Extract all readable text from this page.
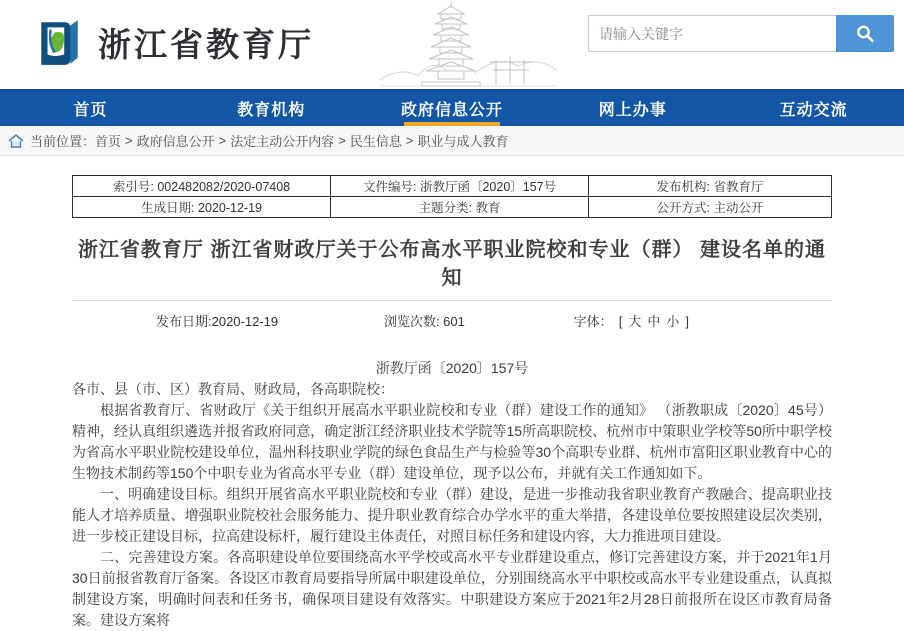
浙江省教育厅
请输入关键字
首页	教育机构	政府信息公开	网上办事	互动交流
当前位置： 首页 > 政府信息公开 > 法定主动公开内容 > 民生信息 > 职业与成人教育
索引号: 002482082/2020-07408	文件编号: 浙教厅函〔2020〕157号	发布机构: 省教育厅
生成日期: 2020-12-19	主题分类: 教育	公开方式: 主动公开
浙江省教育厅 浙江省财政厅关于公布高水平职业院校和专业（群） 建设名单的通知
发布日期:2020-12-19	浏览次数: 601	字体： [ 大 中 小 ]
浙教厅函〔2020〕157号
各市、县（市、区）教育局、财政局，各高职院校：
根据省教育厅、省财政厅《关于组织开展高水平职业院校和专业（群）建设工作的通知》 （浙教职成〔2020〕45号）精神，经认真组织遴选并报省政府同意，确定浙江经济职业技术学院等15所高职院校、杭州市中策职业学校等50所中职学校为省高水平职业院校建设单位，温州科技职业学院的绿色食品生产与检验等30个高职专业群、杭州市富阳区职业教育中心的生物技术制药等150个中职专业为省高水平专业（群）建设单位，现予以公布，并就有关工作通知如下。
一、明确建设目标。组织开展省高水平职业院校和专业（群）建设，是进一步推动我省职业教育产教融合、提高职业技能人才培养质量、增强职业院校社会服务能力、提升职业教育综合办学水平的重大举措，各建设单位要按照建设层次类别，进一步校正建设目标，拉高建设标杆，履行建设主体责任，对照目标任务和建设内容，大力推进项目建设。
二、完善建设方案。各高职建设单位要围绕高水平学校或高水平专业群建设重点，修订完善建设方案，并于2021年1月30日前报省教育厅备案。各设区市教育局要指导所属中职建设单位，分别围绕高水平中职校或高水平专业建设重点，认真拟制建设方案，明确时间表和任务书，确保项目建设有效落实。中职建设方案应于2021年2月28日前报所在设区市教育局备案。建设方案将
